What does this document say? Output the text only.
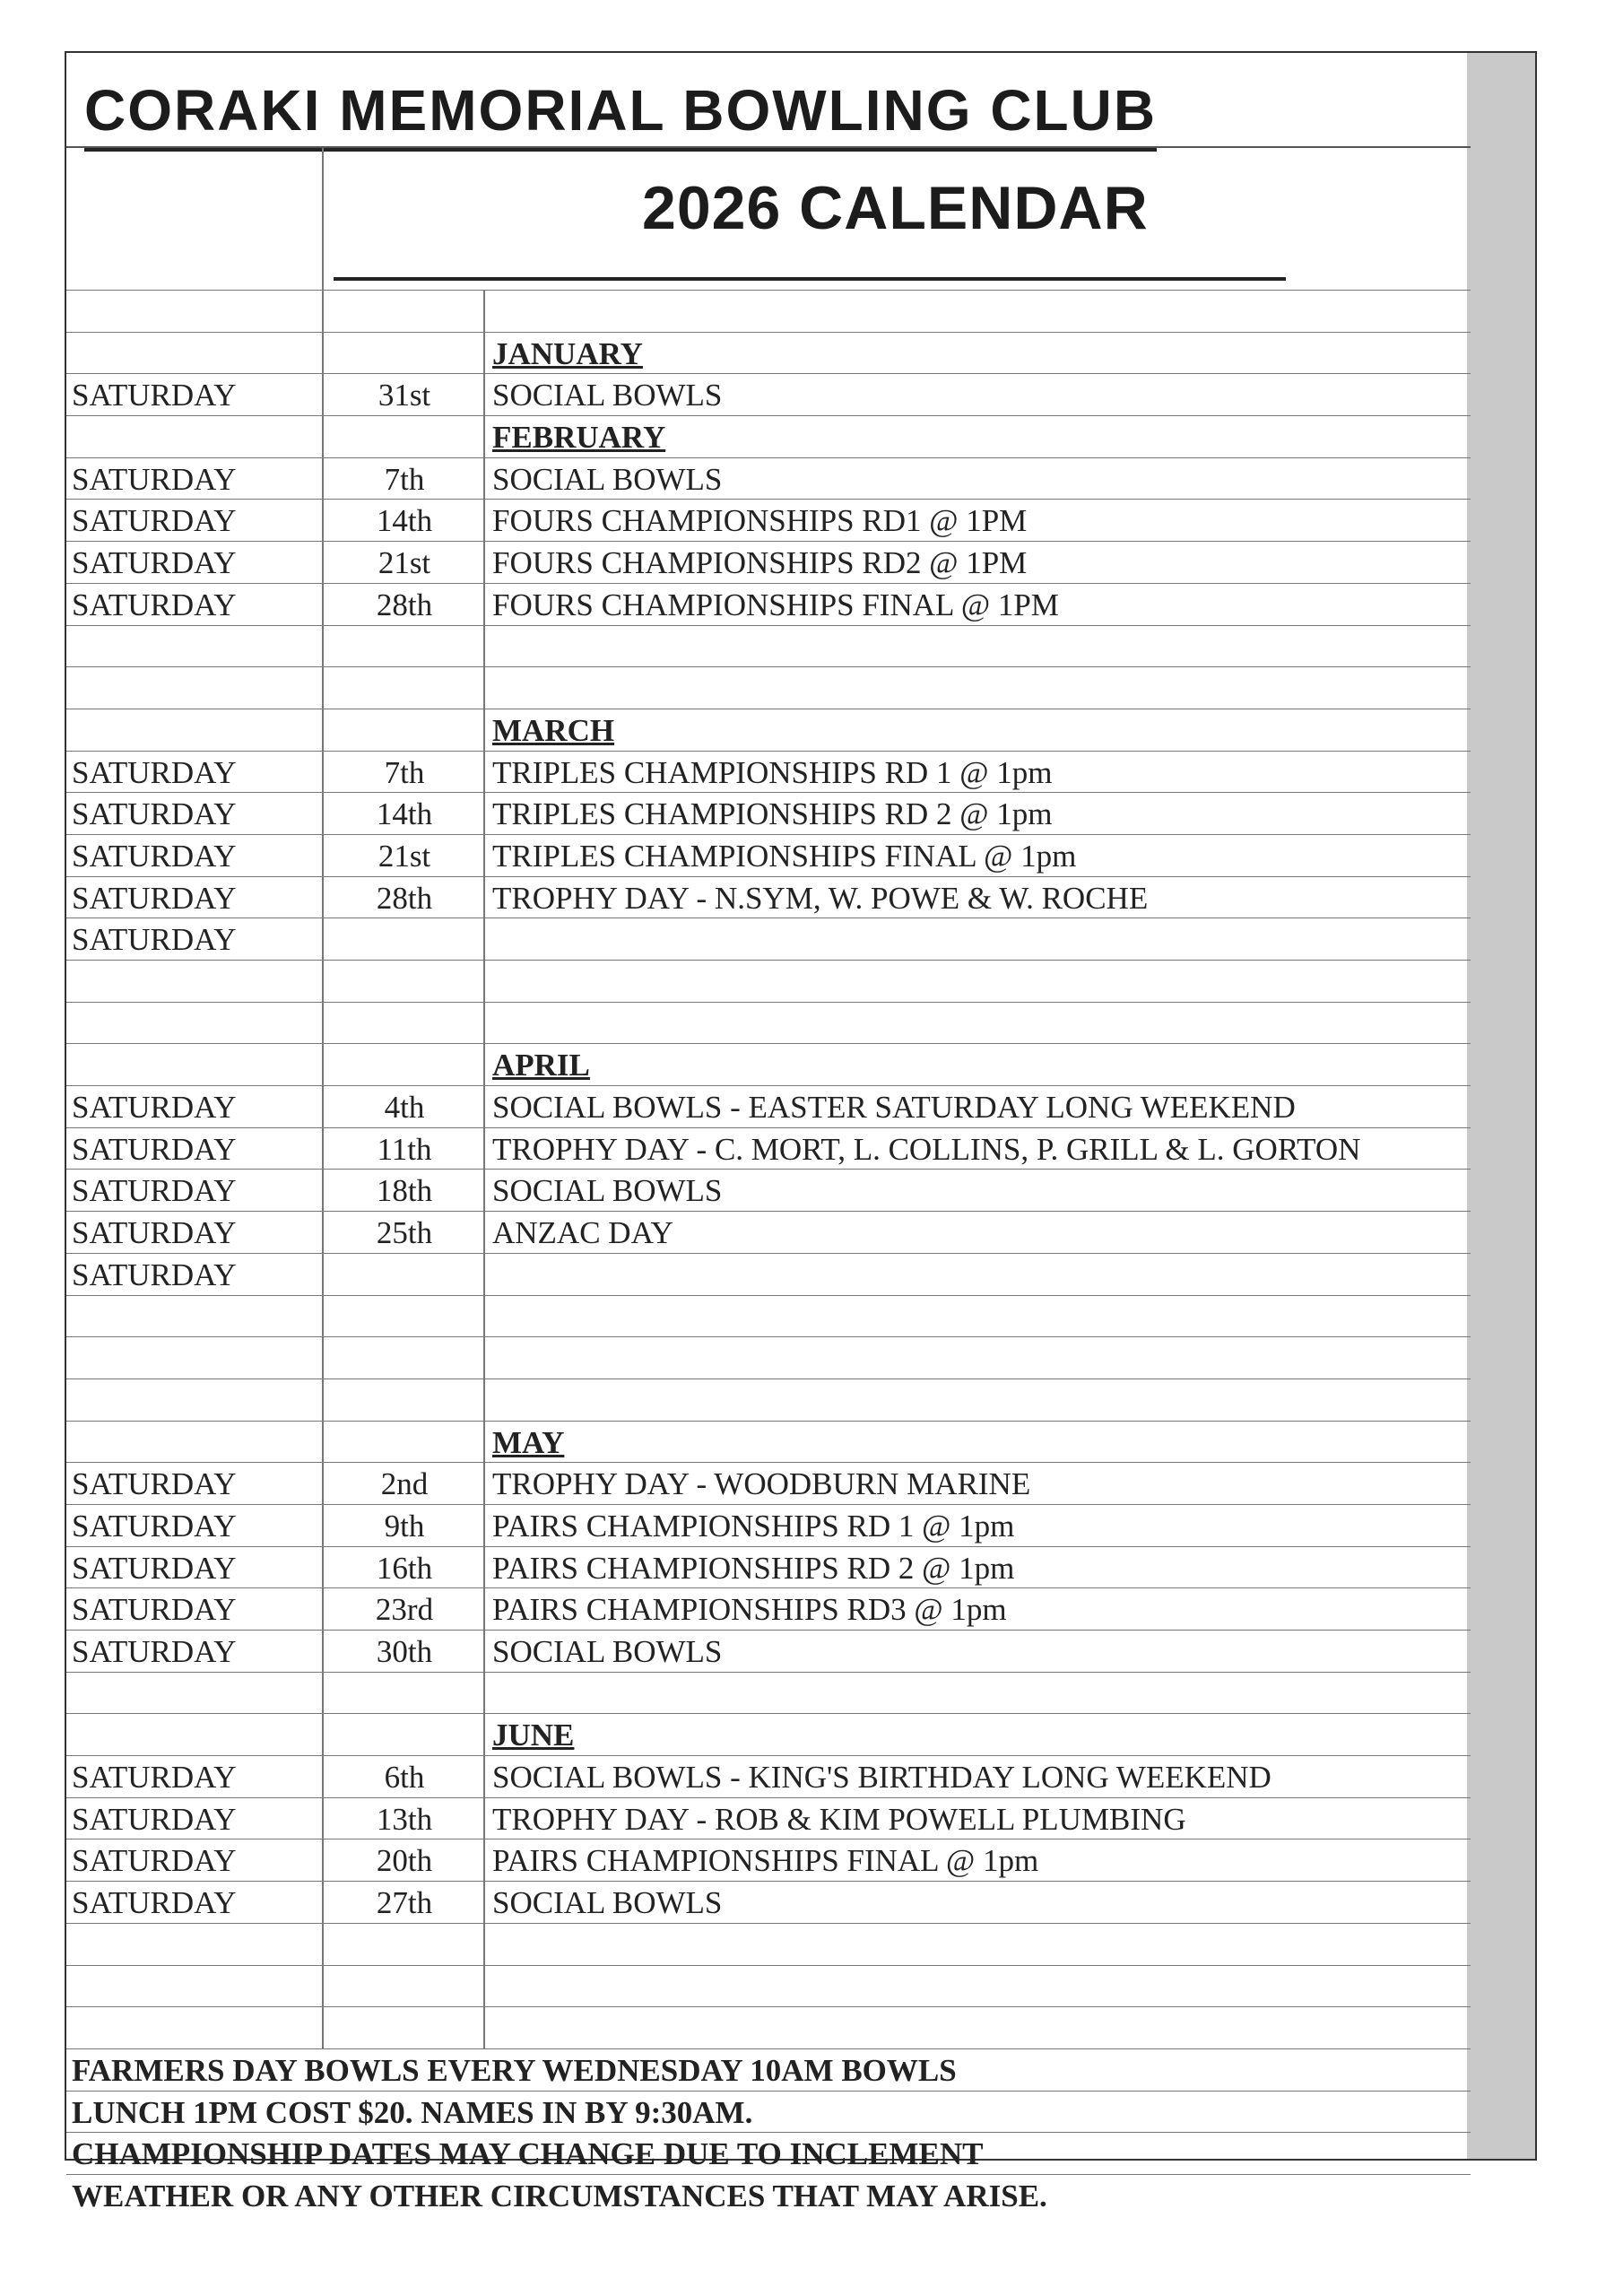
CORAKI MEMORIAL BOWLING CLUB
2026 CALENDAR
JANUARY
SATURDAY	31st	SOCIAL BOWLS
FEBRUARY
SATURDAY	7th	SOCIAL BOWLS
SATURDAY	14th	FOURS CHAMPIONSHIPS RD1 @ 1PM
SATURDAY	21st	FOURS CHAMPIONSHIPS RD2 @ 1PM
SATURDAY	28th	FOURS CHAMPIONSHIPS FINAL @ 1PM
MARCH
SATURDAY	7th	TRIPLES CHAMPIONSHIPS RD 1 @ 1pm
SATURDAY	14th	TRIPLES CHAMPIONSHIPS RD 2 @ 1pm
SATURDAY	21st	TRIPLES CHAMPIONSHIPS FINAL @ 1pm
SATURDAY	28th	TROPHY DAY - N.SYM, W. POWE & W. ROCHE
SATURDAY
APRIL
SATURDAY	4th	SOCIAL BOWLS - EASTER SATURDAY LONG WEEKEND
SATURDAY	11th	TROPHY DAY - C. MORT, L. COLLINS, P. GRILL & L. GORTON
SATURDAY	18th	SOCIAL BOWLS
SATURDAY	25th	ANZAC DAY
SATURDAY
MAY
SATURDAY	2nd	TROPHY DAY - WOODBURN MARINE
SATURDAY	9th	PAIRS CHAMPIONSHIPS RD 1 @ 1pm
SATURDAY	16th	PAIRS CHAMPIONSHIPS RD 2 @ 1pm
SATURDAY	23rd	PAIRS CHAMPIONSHIPS RD3 @ 1pm
SATURDAY	30th	SOCIAL BOWLS
JUNE
SATURDAY	6th	SOCIAL BOWLS - KING'S BIRTHDAY LONG WEEKEND
SATURDAY	13th	TROPHY DAY - ROB & KIM POWELL PLUMBING
SATURDAY	20th	PAIRS CHAMPIONSHIPS FINAL @ 1pm
SATURDAY	27th	SOCIAL BOWLS
FARMERS DAY BOWLS EVERY WEDNESDAY 10AM BOWLS
LUNCH 1PM COST $20. NAMES IN BY 9:30AM.
CHAMPIONSHIP DATES MAY CHANGE DUE TO INCLEMENT
WEATHER OR ANY OTHER CIRCUMSTANCES THAT MAY ARISE.
